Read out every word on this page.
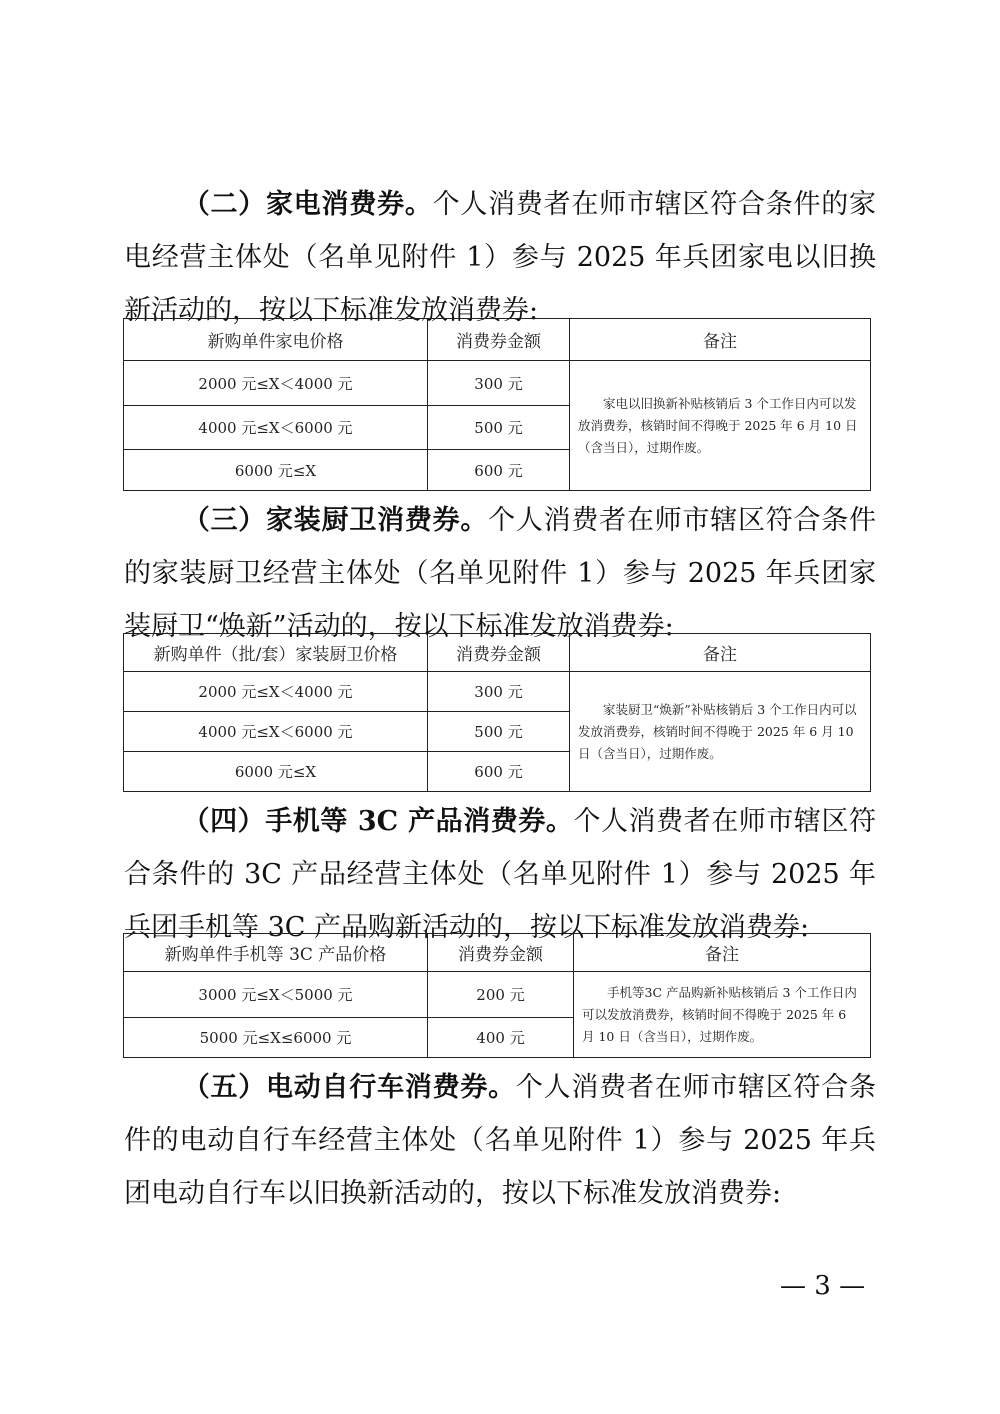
（二）家电消费券。个人消费者在师市辖区符合条件的家电经营主体处（名单见附件 1）参与 2025 年兵团家电以旧换新活动的，按以下标准发放消费券:

新购单件家电价格	消费券金额	备注
2000 元≤X＜4000 元	300 元	家电以旧换新补贴核销后 3 个工作日内可以发放消费券，核销时间不得晚于 2025 年 6 月 10 日（含当日），过期作废。
4000 元≤X＜6000 元	500 元	
6000 元≤X	600 元	

（三）家装厨卫消费券。个人消费者在师市辖区符合条件的家装厨卫经营主体处（名单见附件 1）参与 2025 年兵团家装厨卫“焕新”活动的，按以下标准发放消费券:

新购单件（批/套）家装厨卫价格	消费券金额	备注
2000 元≤X＜4000 元	300 元	家装厨卫“焕新”补贴核销后 3 个工作日内可以发放消费券，核销时间不得晚于 2025 年 6 月 10 日（含当日），过期作废。
4000 元≤X＜6000 元	500 元	
6000 元≤X	600 元	

（四）手机等 3C 产品消费券。个人消费者在师市辖区符合条件的 3C 产品经营主体处（名单见附件 1）参与 2025 年兵团手机等 3C 产品购新活动的，按以下标准发放消费券:

新购单件手机等 3C 产品价格	消费券金额	备注
3000 元≤X＜5000 元	200 元	手机等3C 产品购新补贴核销后 3 个工作日内可以发放消费券，核销时间不得晚于 2025 年 6 月 10 日（含当日），过期作废。
5000 元≤X≤6000 元	400 元	

（五）电动自行车消费券。个人消费者在师市辖区符合条件的电动自行车经营主体处（名单见附件 1）参与 2025 年兵团电动自行车以旧换新活动的，按以下标准发放消费券:

— 3 —
